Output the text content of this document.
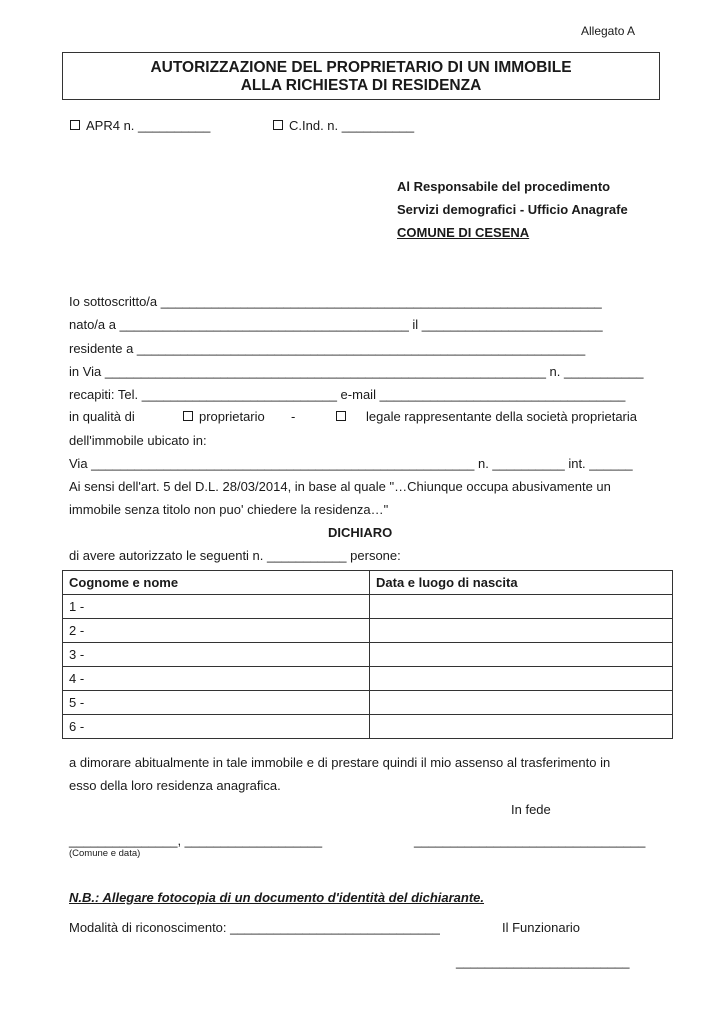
Allegato A
AUTORIZZAZIONE DEL PROPRIETARIO DI UN IMMOBILE
ALLA RICHIESTA DI RESIDENZA
APR4 n. __________	C.Ind. n. __________
Al Responsabile del procedimento
Servizi demografici - Ufficio Anagrafe
COMUNE DI CESENA
Io sottoscritto/a _____________________________________________________________
nato/a a ________________________________________ il _________________________
residente a ______________________________________________________________
in Via _____________________________________________________________ n. ___________
recapiti: Tel. ___________________________ e-mail __________________________________
in qualità di	proprietario -	legale rappresentante della società proprietaria
dell'immobile ubicato in:
Via _____________________________________________________ n. __________ int. ______
Ai sensi dell'art. 5 del D.L. 28/03/2014, in base al quale "…Chiunque occupa abusivamente un
immobile senza titolo non puo' chiedere la residenza…"
DICHIARO
di avere autorizzato le seguenti n. ___________ persone:
Cognome e nome	Data e luogo di nascita
1 -	
2 -	
3 -	
4 -	
5 -	
6 -	
a dimorare abitualmente in tale immobile e di prestare quindi il mio assenso al trasferimento in
esso della loro residenza anagrafica.
In fede
_______________, ___________________	________________________________
(Comune e data)
N.B.: Allegare fotocopia di un documento d'identità del dichiarante.
Modalità di riconoscimento: _____________________________	Il Funzionario
________________________
